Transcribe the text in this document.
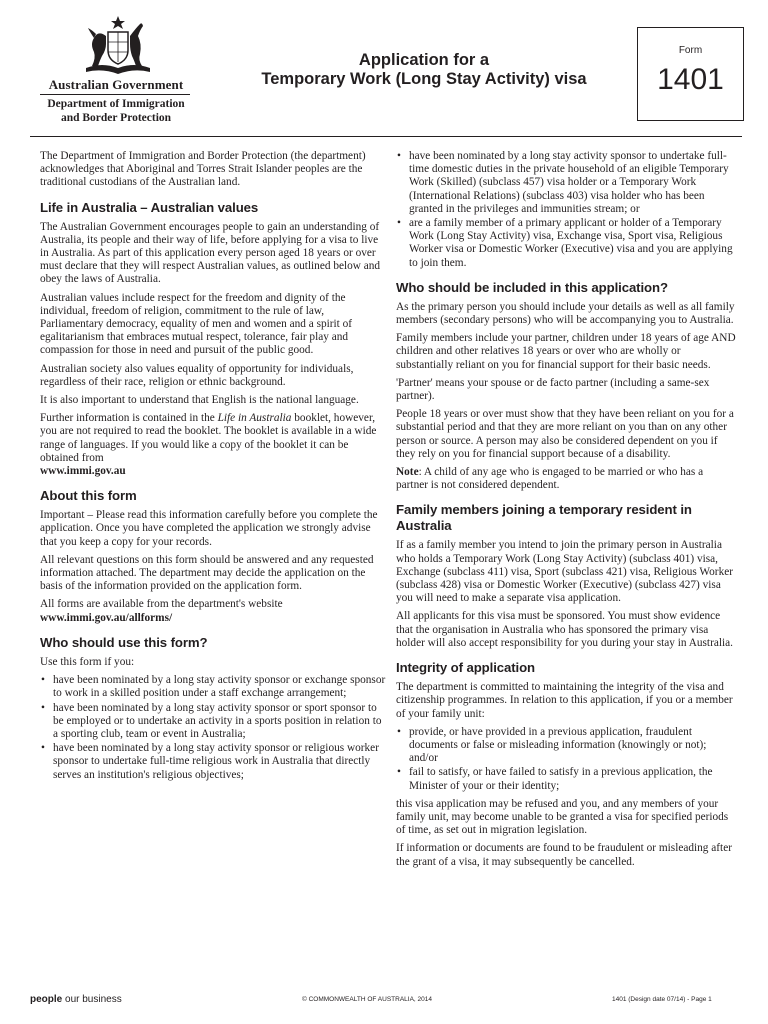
Australian Government
Department of Immigration
and Border Protection
Application for a
Temporary Work (Long Stay Activity) visa
Form
1401

The Department of Immigration and Border Protection (the department) acknowledges that Aboriginal and Torres Strait Islander peoples are the traditional custodians of the Australian land.

Life in Australia – Australian values

The Australian Government encourages people to gain an understanding of Australia, its people and their way of life, before applying for a visa to live in Australia. As part of this application every person aged 18 years or over must declare that they will respect Australian values, as outlined below and obey the laws of Australia.

Australian values include respect for the freedom and dignity of the individual, freedom of religion, commitment to the rule of law, Parliamentary democracy, equality of men and women and a spirit of egalitarianism that embraces mutual respect, tolerance, fair play and compassion for those in need and pursuit of the public good.

Australian society also values equality of opportunity for individuals, regardless of their race, religion or ethnic background.

It is also important to understand that English is the national language.

Further information is contained in the Life in Australia booklet, however, you are not required to read the booklet. The booklet is available in a wide range of languages. If you would like a copy of the booklet it can be obtained from
www.immi.gov.au

About this form

Important – Please read this information carefully before you complete the application. Once you have completed the application we strongly advise that you keep a copy for your records.

All relevant questions on this form should be answered and any requested information attached. The department may decide the application on the basis of the information provided on the application form.

All forms are available from the department's website
www.immi.gov.au/allforms/

Who should use this form?

Use this form if you:

• have been nominated by a long stay activity sponsor or exchange sponsor to work in a skilled position under a staff exchange arrangement;
• have been nominated by a long stay activity sponsor or sport sponsor to be employed or to undertake an activity in a sports position in relation to a sporting club, team or event in Australia;
• have been nominated by a long stay activity sponsor or religious worker sponsor to undertake full-time religious work in Australia that directly serves an institution's religious objectives;
• have been nominated by a long stay activity sponsor to undertake full-time domestic duties in the private household of an eligible Temporary Work (Skilled) (subclass 457) visa holder or a Temporary Work (International Relations) (subclass 403) visa holder who has been granted in the privileges and immunities stream; or
• are a family member of a primary applicant or holder of a Temporary Work (Long Stay Activity) visa, Exchange visa, Sport visa, Religious Worker visa or Domestic Worker (Executive) visa and you are applying to join them.
Who should be included in this application?

As the primary person you should include your details as well as all family members (secondary persons) who will be accompanying you to Australia.

Family members include your partner, children under 18 years of age AND children and other relatives 18 years or over who are wholly or substantially reliant on you for financial support for their basic needs.

'Partner' means your spouse or de facto partner (including a same-sex partner).

People 18 years or over must show that they have been reliant on you for a substantial period and that they are more reliant on you than on any other person or source. A person may also be considered dependent on you if they rely on you for financial support because of a disability.

Note: A child of any age who is engaged to be married or who has a partner is not considered dependent.

Family members joining a temporary resident in Australia

If as a family member you intend to join the primary person in Australia who holds a Temporary Work (Long Stay Activity) (subclass 401) visa, Exchange (subclass 411) visa, Sport (subclass 421) visa, Religious Worker (subclass 428) visa or Domestic Worker (Executive) (subclass 427) visa you will need to make a separate visa application.

All applicants for this visa must be sponsored. You must show evidence that the organisation in Australia who has sponsored the primary visa holder will also accept responsibility for you during your stay in Australia.

Integrity of application

The department is committed to maintaining the integrity of the visa and citizenship programmes. In relation to this application, if you or a member of your family unit:

• provide, or have provided in a previous application, fraudulent documents or false or misleading information (knowingly or not); and/or
• fail to satisfy, or have failed to satisfy in a previous application, the Minister of your or their identity;

this visa application may be refused and you, and any members of your family unit, may become unable to be granted a visa for specified periods of time, as set out in migration legislation.

If information or documents are found to be fraudulent or misleading after the grant of a visa, it may subsequently be cancelled.

people our business	© COMMONWEALTH OF AUSTRALIA, 2014	1401 (Design date 07/14) - Page 1
